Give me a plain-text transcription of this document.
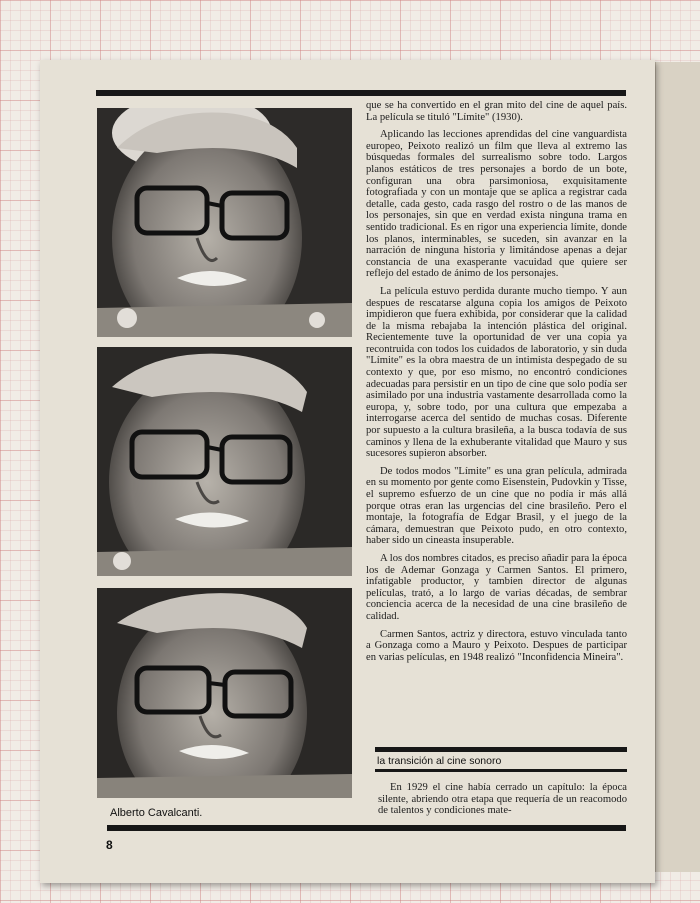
Alberto Cavalcanti.

que se ha convertido en el gran mito del cine de aquel país. La película se tituló "Límite" (1930).

Aplicando las lecciones aprendidas del cine vanguardista europeo, Peixoto realizó un film que lleva al extremo las búsquedas formales del surrealismo sobre todo. Largos planos estáticos de tres personajes a bordo de un bote, configuran una obra parsimoniosa, exquisitamente fotografiada y con un montaje que se aplica a registrar cada detalle, cada gesto, cada rasgo del rostro o de las manos de los personajes, sin que en verdad exista ninguna trama en sentido tradicional. Es en rigor una experiencia límite, donde los planos, interminables, se suceden, sin avanzar en la narración de ninguna historia y limitándose apenas a dejar constancia de una exasperante vacuidad que quiere ser reflejo del estado de ánimo de los personajes.

La película estuvo perdida durante mucho tiempo. Y aun despues de rescatarse alguna copia los amigos de Peixoto impidieron que fuera exhibida, por considerar que la calidad de la misma rebajaba la intención plástica del original. Recientemente tuve la oportunidad de ver una copia ya recontruida con todos los cuidados de laboratorio, y sin duda "Límite" es la obra maestra de un intimista despegado de su contexto y que, por eso mismo, no encontró condiciones adecuadas para persistir en un tipo de cine que solo podía ser asimilado por una industria vastamente desarrollada como la europa, y, sobre todo, por una cultura que empezaba a interrogarse acerca del sentido de muchas cosas. Diferente por supuesto a la cultura brasileña, a la busca todavía de sus caminos y llena de la exhuberante vitalidad que Mauro y sus sucesores supieron absorber.

De todos modos "Límite" es una gran película, admirada en su momento por gente como Eisenstein, Pudovkin y Tisse, el supremo esfuerzo de un cine que no podía ir más allá porque otras eran las urgencias del cine brasileño. Pero el montaje, la fotografía de Edgar Brasil, y el juego de la cámara, demuestran que Peixoto pudo, en otro contexto, haber sido un cineasta insuperable.

A los dos nombres citados, es preciso añadir para la época los de Ademar Gonzaga y Carmen Santos. El primero, infatigable productor, y tambien director de algunas películas, trató, a lo largo de varias décadas, de sembrar conciencia acerca de la necesidad de una cine brasileño de calidad.

Carmen Santos, actriz y directora, estuvo vinculada tanto a Gonzaga como a Mauro y Peixoto. Despues de participar en varias películas, en 1948 realizó "Inconfidencia Mineira".

la transición al cine sonoro

En 1929 el cine había cerrado un capítulo: la época silente, abriendo otra etapa que requería de un reacomodo de talentos y condiciones mate-

8
